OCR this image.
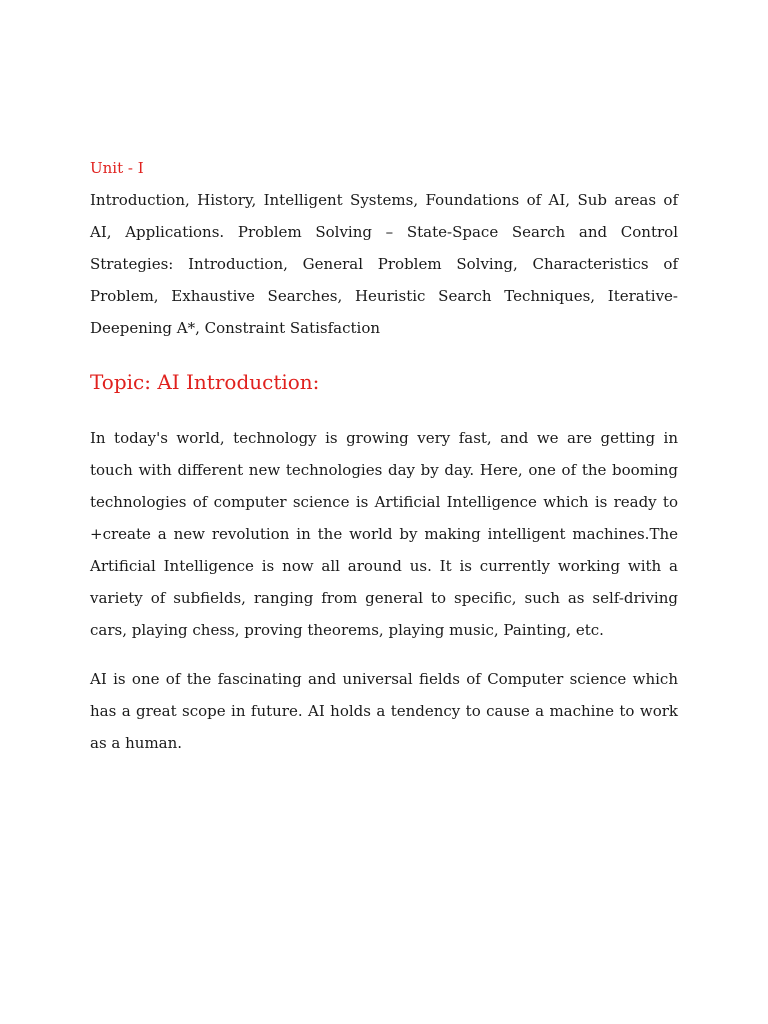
Unit - I

Introduction, History, Intelligent Systems, Foundations of AI, Sub areas of AI, Applications. Problem Solving – State-Space Search and Control Strategies: Introduction, General Problem Solving, Characteristics of Problem, Exhaustive Searches, Heuristic Search Techniques, Iterative-Deepening A*, Constraint Satisfaction

Topic: AI Introduction:

In today's world, technology is growing very fast, and we are getting in touch with different new technologies day by day. Here, one of the booming technologies of computer science is Artificial Intelligence which is ready to +create a new revolution in the world by making intelligent machines.The Artificial Intelligence is now all around us. It is currently working with a variety of subfields, ranging from general to specific, such as self-driving cars, playing chess, proving theorems, playing music, Painting, etc.

AI is one of the fascinating and universal fields of Computer science which has a great scope in future. AI holds a tendency to cause a machine to work as a human.
